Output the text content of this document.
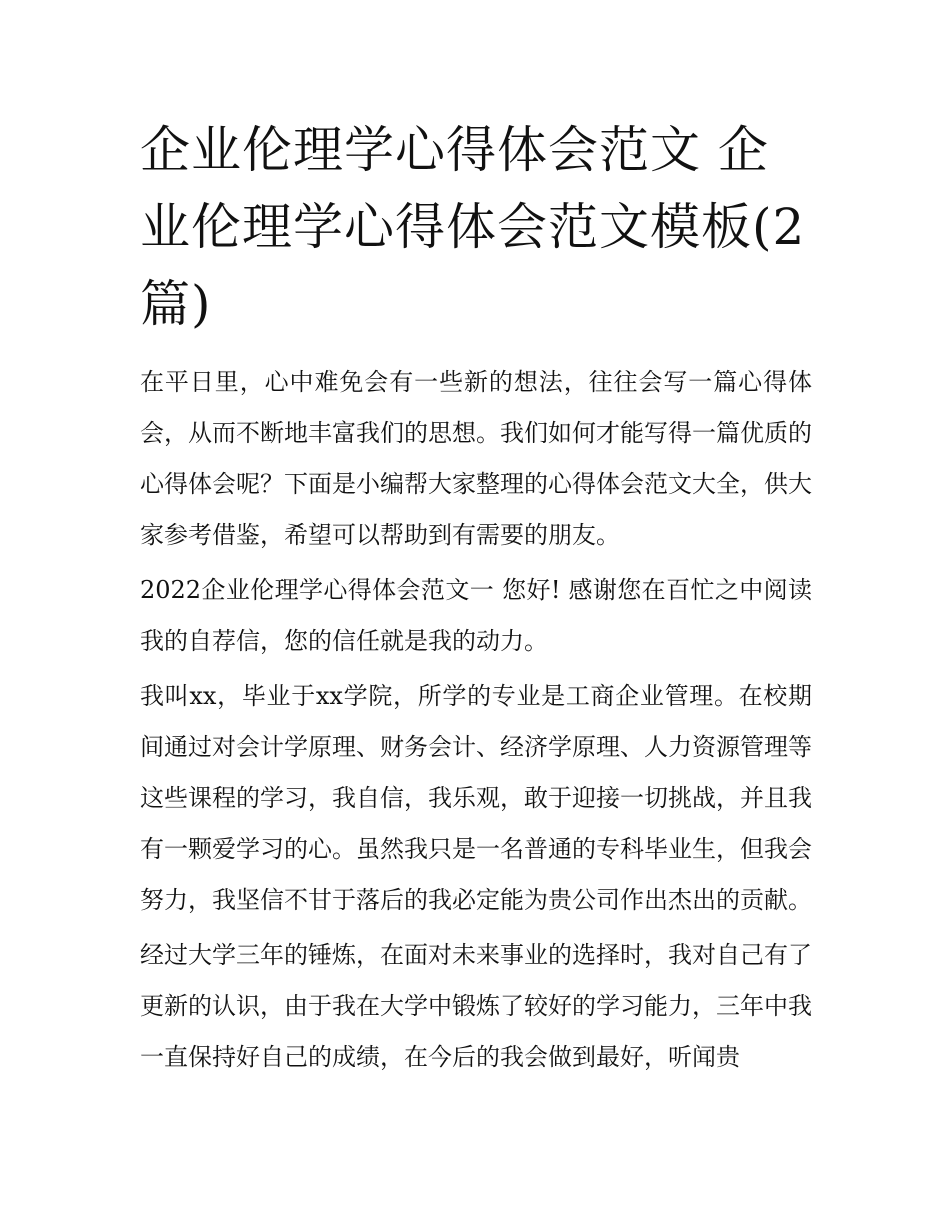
企业伦理学心得体会范文 企业伦理学心得体会范文模板(2篇)

在平日里，心中难免会有一些新的想法，往往会写一篇心得体会，从而不断地丰富我们的思想。我们如何才能写得一篇优质的心得体会呢？下面是小编帮大家整理的心得体会范文大全，供大家参考借鉴，希望可以帮助到有需要的朋友。

2022企业伦理学心得体会范文一 您好! 感谢您在百忙之中阅读我的自荐信，您的信任就是我的动力。

我叫xx，毕业于xx学院，所学的专业是工商企业管理。在校期间通过对会计学原理、财务会计、经济学原理、人力资源管理等这些课程的学习，我自信，我乐观，敢于迎接一切挑战，并且我有一颗爱学习的心。虽然我只是一名普通的专科毕业生，但我会努力，我坚信不甘于落后的我必定能为贵公司作出杰出的贡献。

经过大学三年的锤炼，在面对未来事业的选择时，我对自己有了更新的认识，由于我在大学中锻炼了较好的学习能力，三年中我一直保持好自己的成绩，在今后的我会做到最好，听闻贵
